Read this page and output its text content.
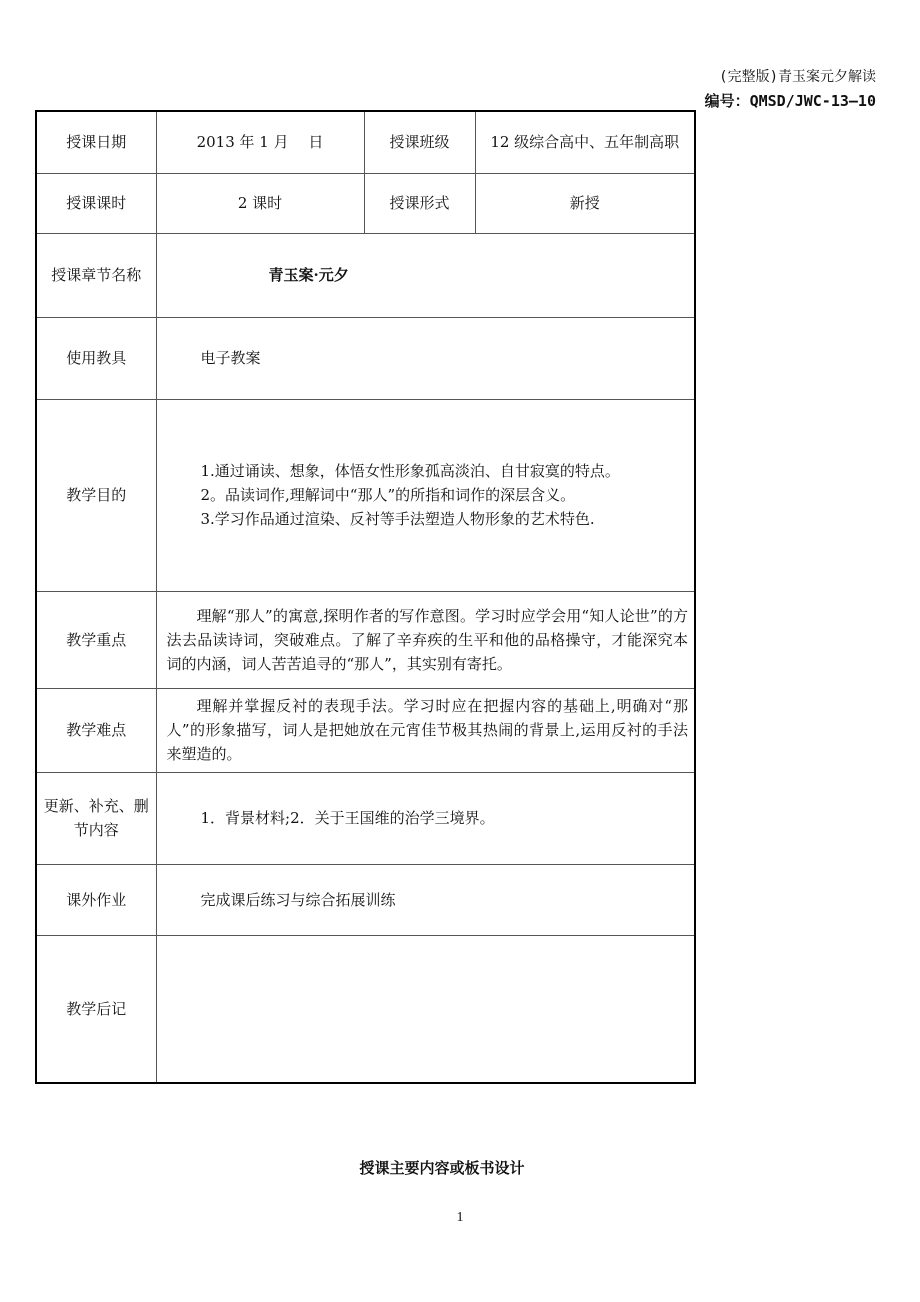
(完整版)青玉案元夕解读
编号：QMSD/JWC-13—10
授课日期	2013 年 1 月　 日	授课班级	12 级综合高中、五年制高职
授课课时	2 课时	授课形式	新授
授课章节名称	青玉案·元夕		
使用教具	电子教案		
教学目的	1.通过诵读、想象，体悟女性形象孤高淡泊、自甘寂寞的特点。

2。品读词作,理解词中“那人”的所指和词作的深层含义。

3.学习作品通过渲染、反衬等手法塑造人物形象的艺术特色.		

教学重点	理解“那人”的寓意,探明作者的写作意图。学习时应学会用“知人论世”的方法去品读诗词，突破难点。了解了辛弃疾的生平和他的品格操守，才能深究本词的内涵，词人苦苦追寻的“那人”，其实别有寄托。		

教学难点	理解并掌握反衬的表现手法。学习时应在把握内容的基础上,明确对“那人”的形象描写，词人是把她放在元宵佳节极其热闹的背景上,运用反衬的手法来塑造的。		

更新、补充、删节内容	1．背景材料;2．关于王国维的治学三境界。		
课外作业	完成课后练习与综合拓展训练		
教学后记			
授课主要内容或板书设计
1
